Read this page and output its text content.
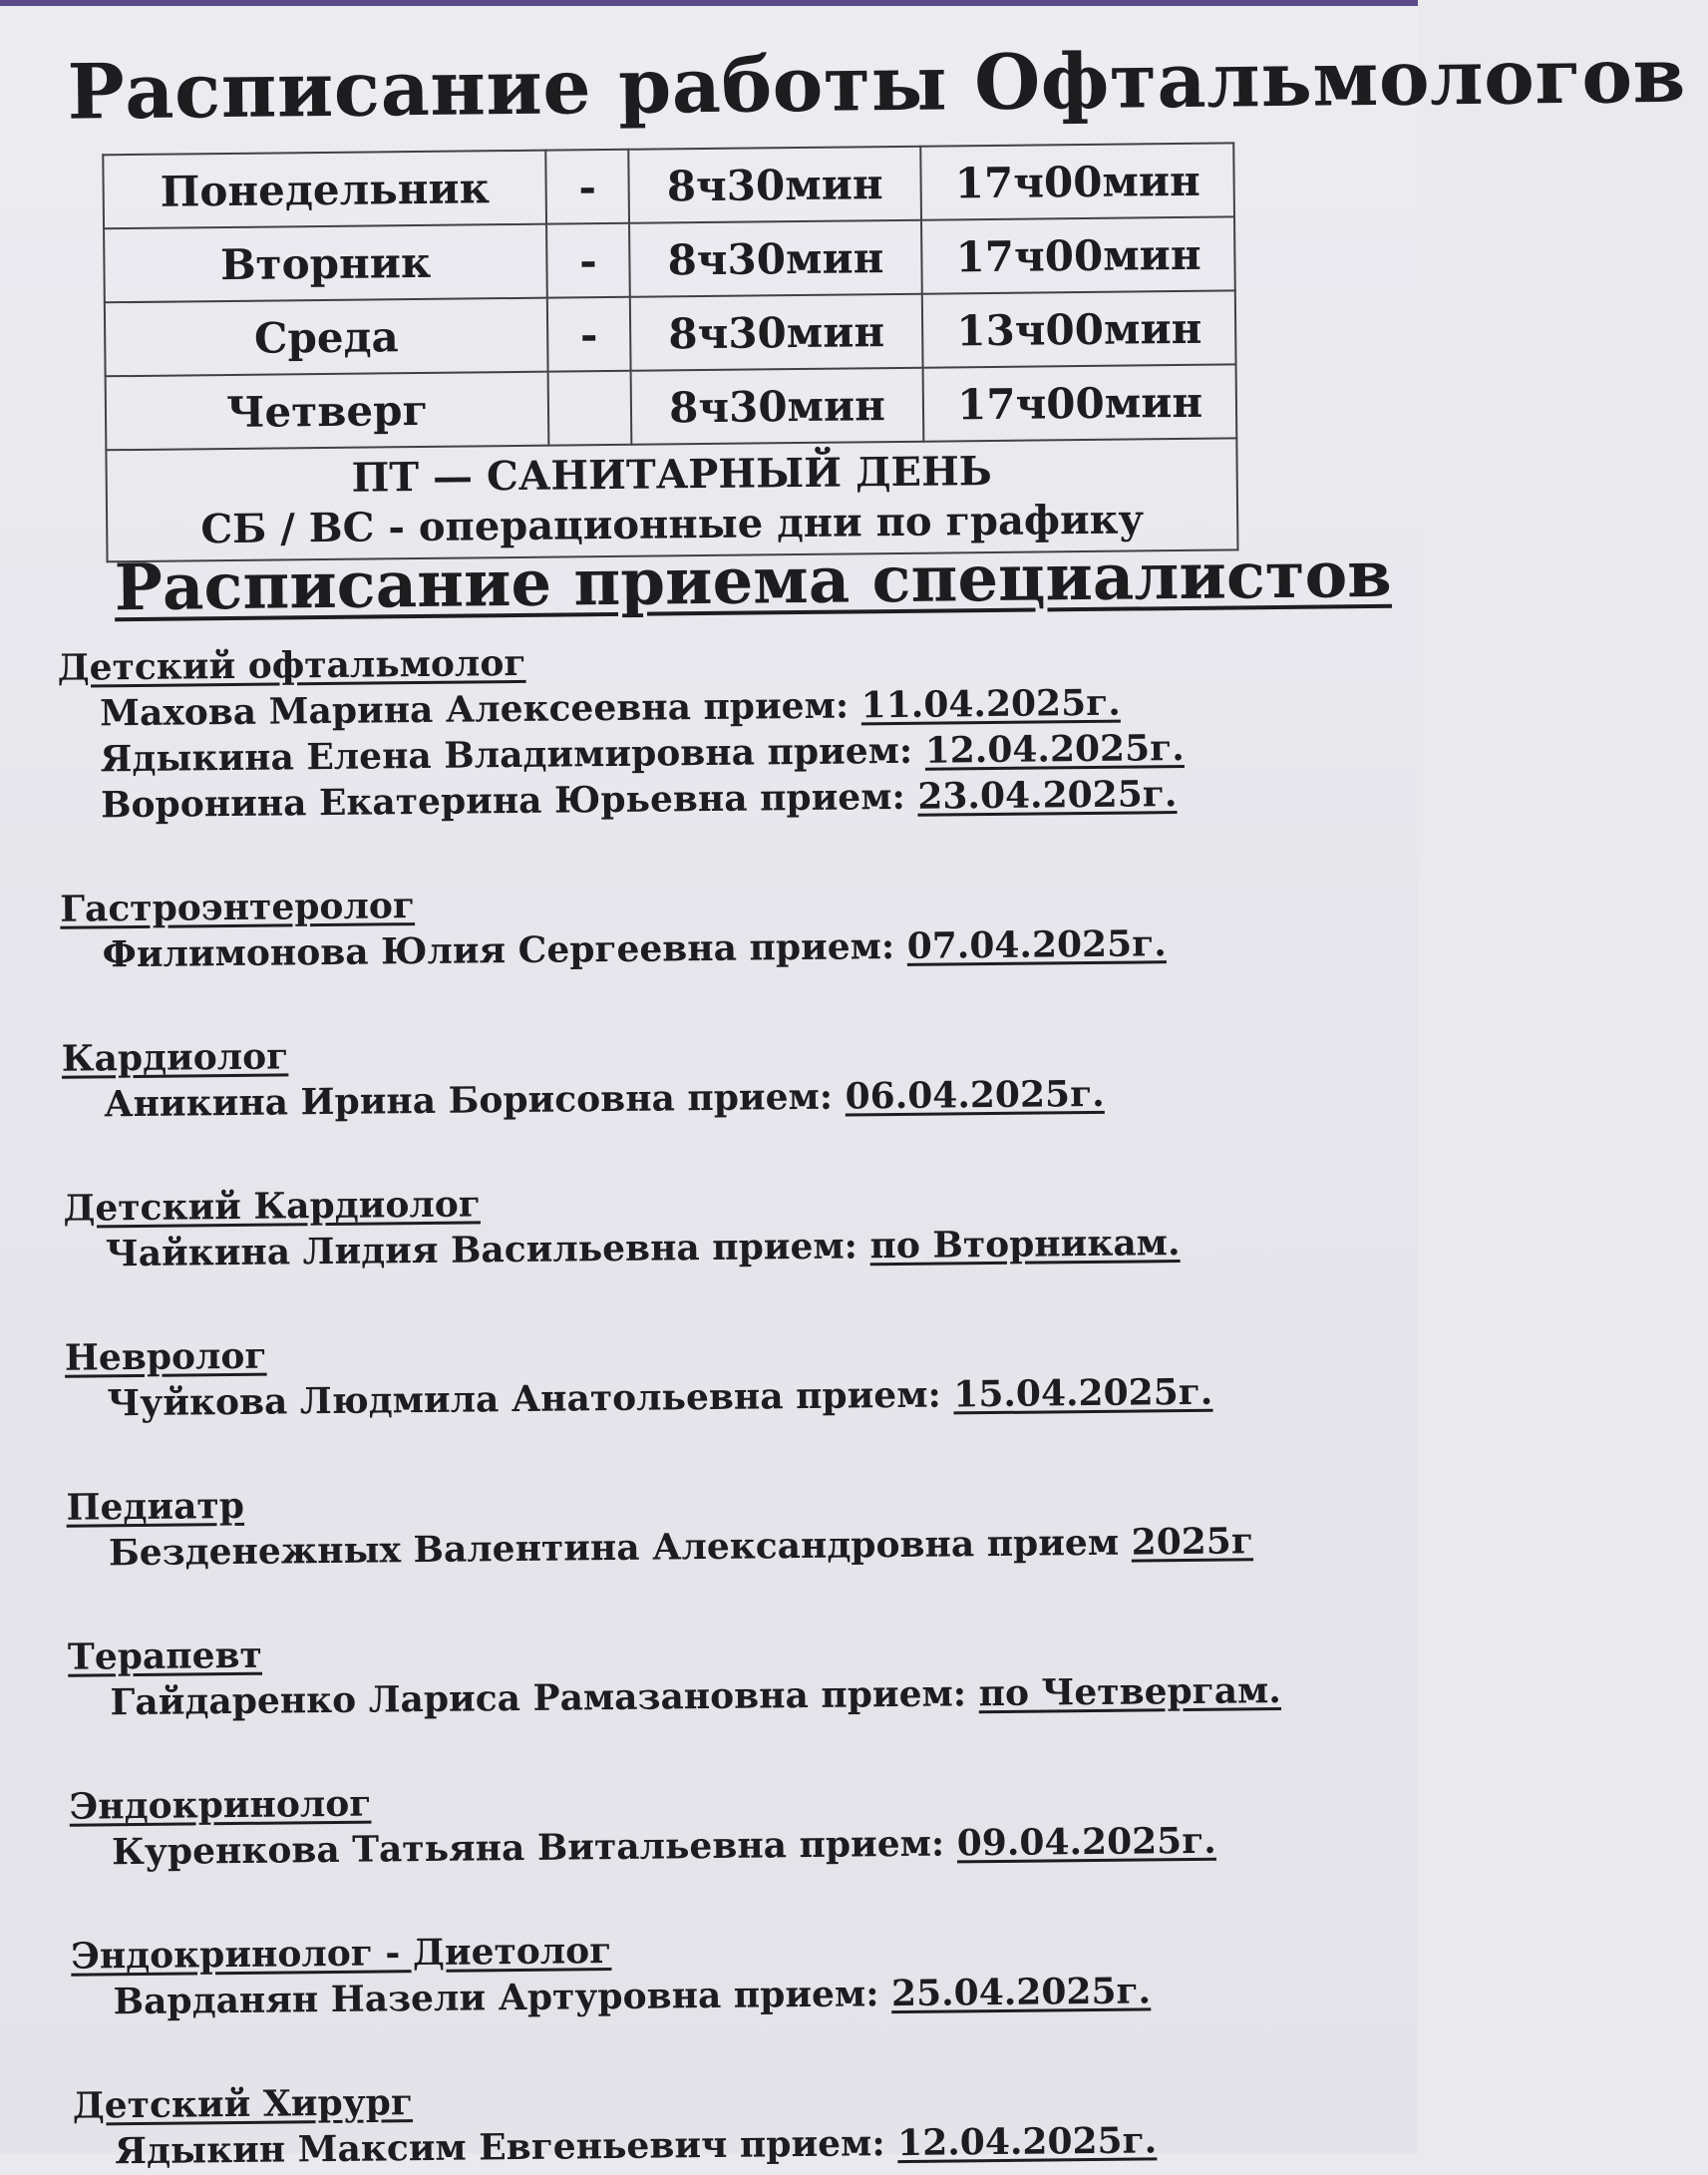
Расписание работы Офтальмологов
Понедельник	-	8ч30мин	17ч00мин
Вторник	-	8ч30мин	17ч00мин
Среда	-	8ч30мин	13ч00мин
Четверг		8ч30мин	17ч00мин

ПТ — САНИТАРНЫЙ ДЕНЬ
СБ / ВС - операционные дни по графику			
Расписание приема специалистов
Детский офтальмолог
Махова Марина Алексеевна прием: 11.04.2025г.
Ядыкина Елена Владимировна прием: 12.04.2025г.
Воронина Екатерина Юрьевна прием: 23.04.2025г.
Гастроэнтеролог
Филимонова Юлия Сергеевна прием: 07.04.2025г.
Кардиолог
Аникина Ирина Борисовна прием: 06.04.2025г.
Детский Кардиолог
Чайкина Лидия Васильевна прием: по Вторникам.
Невролог
Чуйкова Людмила Анатольевна прием: 15.04.2025г.
Педиатр
Безденежных Валентина Александровна прием 2025г
Терапевт
Гайдаренко Лариса Рамазановна прием: по Четвергам.
Эндокринолог
Куренкова Татьяна Витальевна прием: 09.04.2025г.
Эндокринолог - Диетолог
Варданян Назели Артуровна прием: 25.04.2025г.
Детский Хирург
Ядыкин Максим Евгеньевич прием: 12.04.2025г.
